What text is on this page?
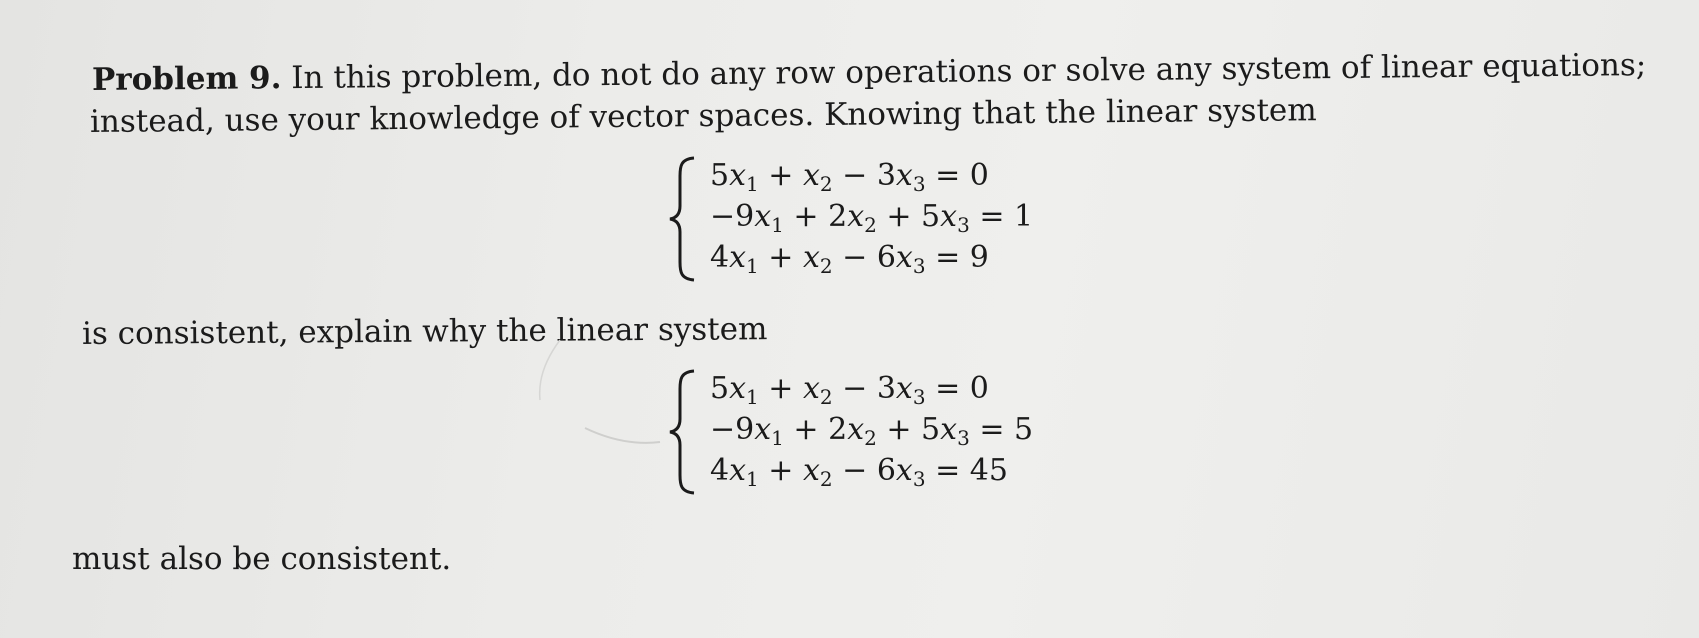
Problem 9. In this problem, do not do any row operations or solve any system of linear equations;
instead, use your knowledge of vector spaces. Knowing that the linear system
$5x_1 + x_2 - 3x_3 = 0$
$-9x_1 + 2x_2 + 5x_3 = 1$
$4x_1 + x_2 - 6x_3 = 9$
is consistent, explain why the linear system
$5x_1 + x_2 - 3x_3 = 0$
$-9x_1 + 2x_2 + 5x_3 = 5$
$4x_1 + x_2 - 6x_3 = 45$
must also be consistent.
